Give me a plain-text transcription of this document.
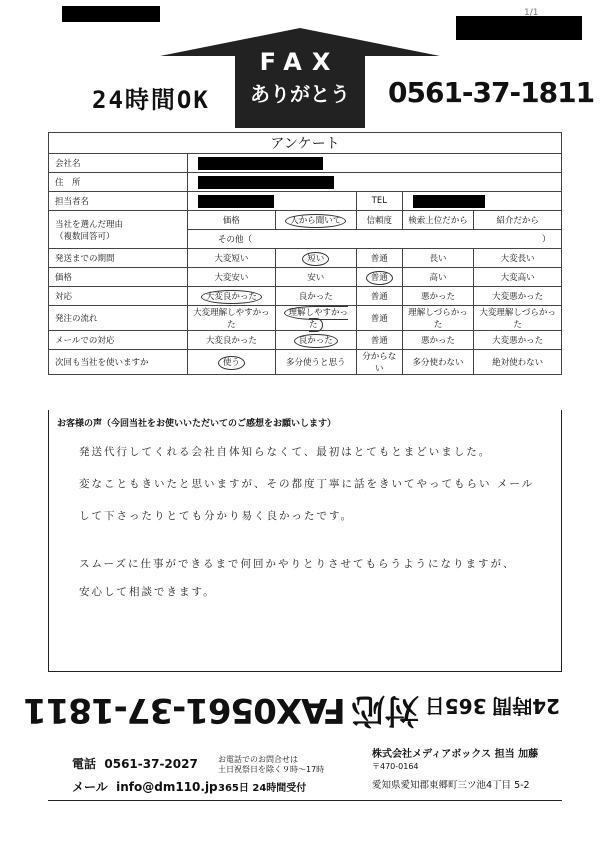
1/1
24時間OK
FAX
ありがとう	0561-37-1811
アンケート					
会社名					
住　所					
担当者名			TEL		
当社を選んだ理由
（複数回答可）	価格	人から聞いて	信頼度	検索上位だから	紹介だから
	その他（ ）				
発送までの期間	大変短い	短い	普通	長い	大変長い
価格	大変安い	安い	普通	高い	大変高い
対応	大変良かった	良かった	普通	悪かった	大変悪かった
発注の流れ	大変理解しやすかった	理解しやすかった	普通	理解しづらかった	大変理解しづらかった
メールでの対応	大変良かった	良かった	普通	悪かった	大変悪かった
次回も当社を使いますか	使う	多分使うと思う	分からない	多分使わない	絶対使わない
お客様の声（今回当社をお使いいただいてのご感想をお願いします）
発送代行してくれる会社自体知らなくて、最初はとてもとまどいました。
変なこともきいたと思いますが、その都度丁寧に話をきいてやってもらい メール
して下さったりとても分かり易く良かったです。
スムーズに仕事ができるまで何回かやりとりさせてもらうようになりますが、
安心して相談できます。
24時間 365日 対応 FAX0561-37-1811
電話 0561-37-2027
メール info@dm110.jp
お電話でのお問合せは
土日祝祭日を除く９時〜17時
365日 24時間受付
株式会社メディアボックス 担当 加藤
〒470-0164
愛知県愛知郡東郷町三ツ池4丁目 5-2
